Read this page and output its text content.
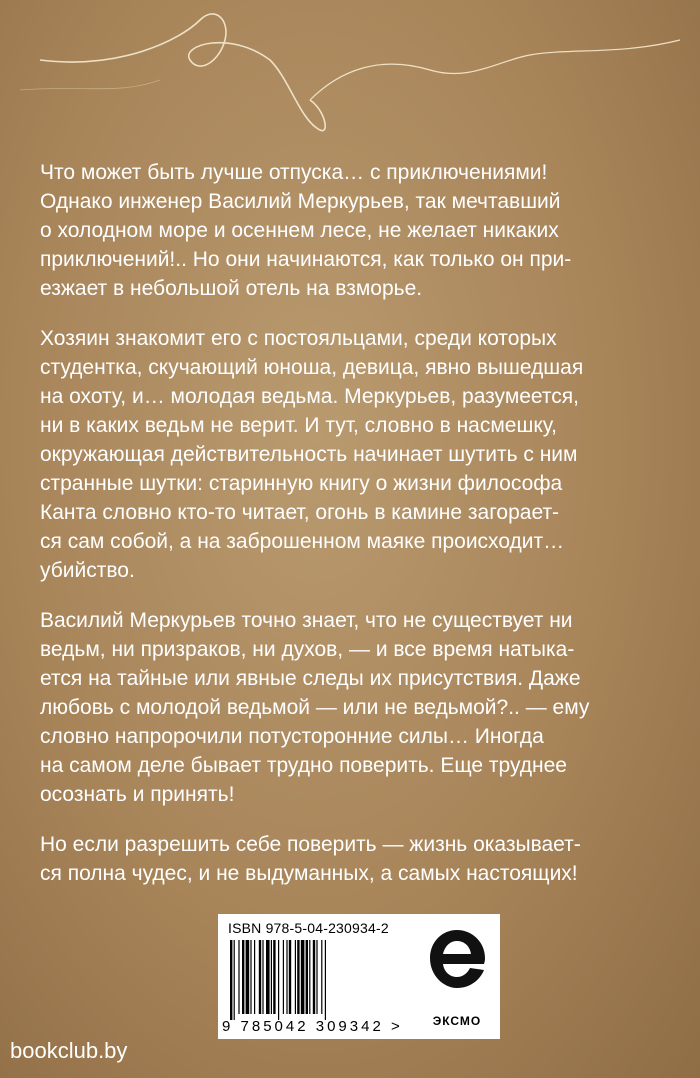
Что может быть лучше отпуска… с приключениями!
Однако инженер Василий Меркурьев, так мечтавший
о холодном море и осеннем лесе, не желает никаких
приключений!.. Но они начинаются, как только он при-
езжает в небольшой отель на взморье.

Хозяин знакомит его с постояльцами, среди которых
студентка, скучающий юноша, девица, явно вышедшая
на охоту, и… молодая ведьма. Меркурьев, разумеется,
ни в каких ведьм не верит. И тут, словно в насмешку,
окружающая действительность начинает шутить с ним
странные шутки: старинную книгу о жизни философа
Канта словно кто-то читает, огонь в камине загорает-
ся сам собой, а на заброшенном маяке происходит…
убийство.

Василий Меркурьев точно знает, что не существует ни
ведьм, ни призраков, ни духов, — и все время натыка-
ется на тайные или явные следы их присутствия. Даже
любовь с молодой ведьмой — или не ведьмой?.. — ему
словно напророчили потусторонние силы… Иногда
на самом деле бывает трудно поверить. Еще труднее
осознать и принять!

Но если разрешить себе поверить — жизнь оказывает-
ся полна чудес, и не выдуманных, а самых настоящих!

ISBN 978-5-04-230934-2
9 785042 309342 >	ЭКСМО
bookclub.by
